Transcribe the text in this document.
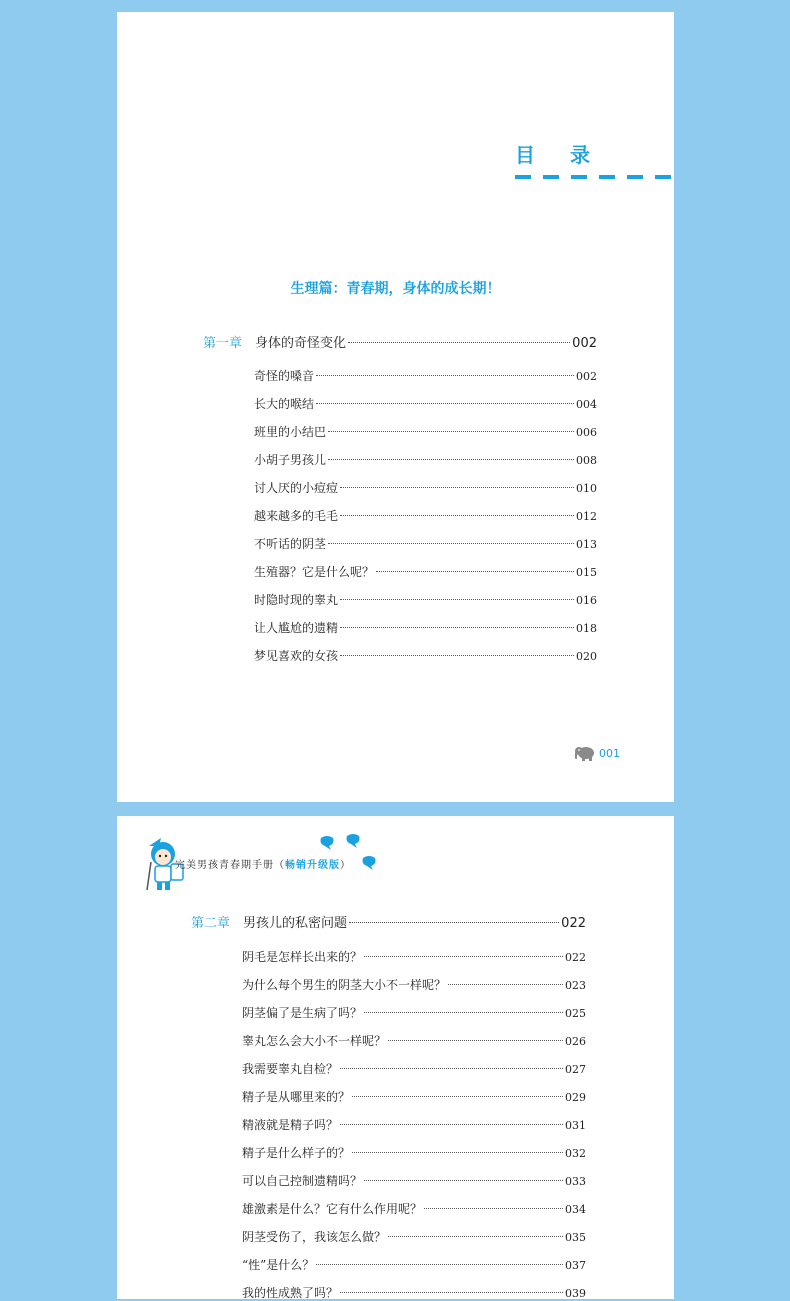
目 录
生理篇：青春期，身体的成长期！
第一章 身体的奇怪变化	002
奇怪的嗓音	002
长大的喉结	004
班里的小结巴	006
小胡子男孩儿	008
讨人厌的小痘痘	010
越来越多的毛毛	012
不听话的阴茎	013
生殖器？它是什么呢？	015
时隐时现的睾丸	016
让人尴尬的遗精	018
梦见喜欢的女孩	020
001
完美男孩青春期手册（畅销升级版）
第二章 男孩儿的私密问题	022
阴毛是怎样长出来的？	022
为什么每个男生的阴茎大小不一样呢？	023
阴茎偏了是生病了吗？	025
睾丸怎么会大小不一样呢？	026
我需要睾丸自检？	027
精子是从哪里来的？	029
精液就是精子吗？	031
精子是什么样子的？	032
可以自己控制遗精吗？	033
雄激素是什么？它有什么作用呢？	034
阴茎受伤了，我该怎么做？	035
“性”是什么？	037
我的性成熟了吗？	039
